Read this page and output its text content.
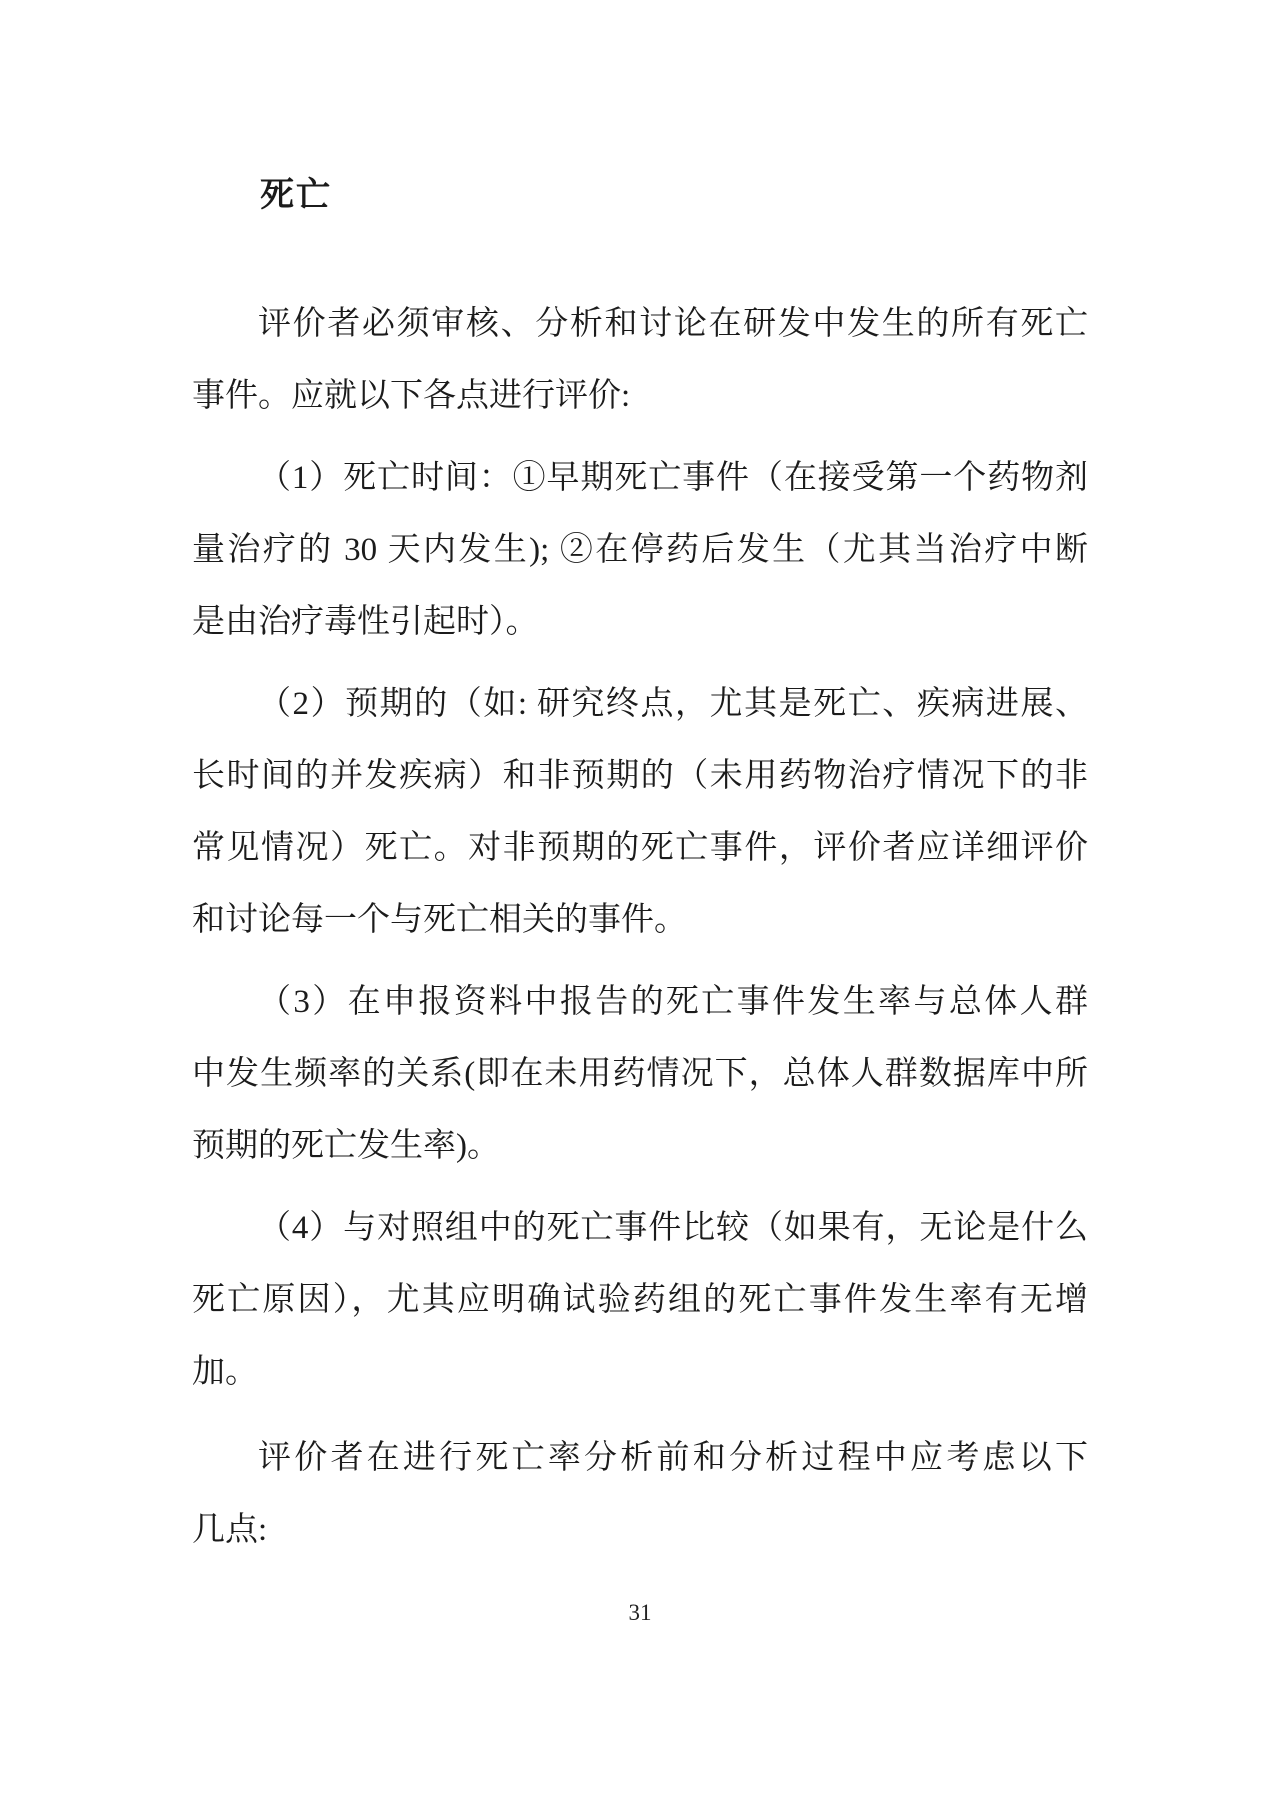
死亡
评价者必须审核、分析和讨论在研发中发生的所有死亡
事件。应就以下各点进行评价:
（1）死亡时间：①早期死亡事件（在接受第一个药物剂
量治疗的 30 天内发生); ②在停药后发生（尤其当治疗中断
是由治疗毒性引起时）。
（2）预期的（如: 研究终点，尤其是死亡、疾病进展、
长时间的并发疾病）和非预期的（未用药物治疗情况下的非
常见情况）死亡。对非预期的死亡事件，评价者应详细评价
和讨论每一个与死亡相关的事件。
（3）在申报资料中报告的死亡事件发生率与总体人群
中发生频率的关系(即在未用药情况下，总体人群数据库中所
预期的死亡发生率)。
（4）与对照组中的死亡事件比较（如果有，无论是什么
死亡原因），尤其应明确试验药组的死亡事件发生率有无增
加。
评价者在进行死亡率分析前和分析过程中应考虑以下
几点:
31
